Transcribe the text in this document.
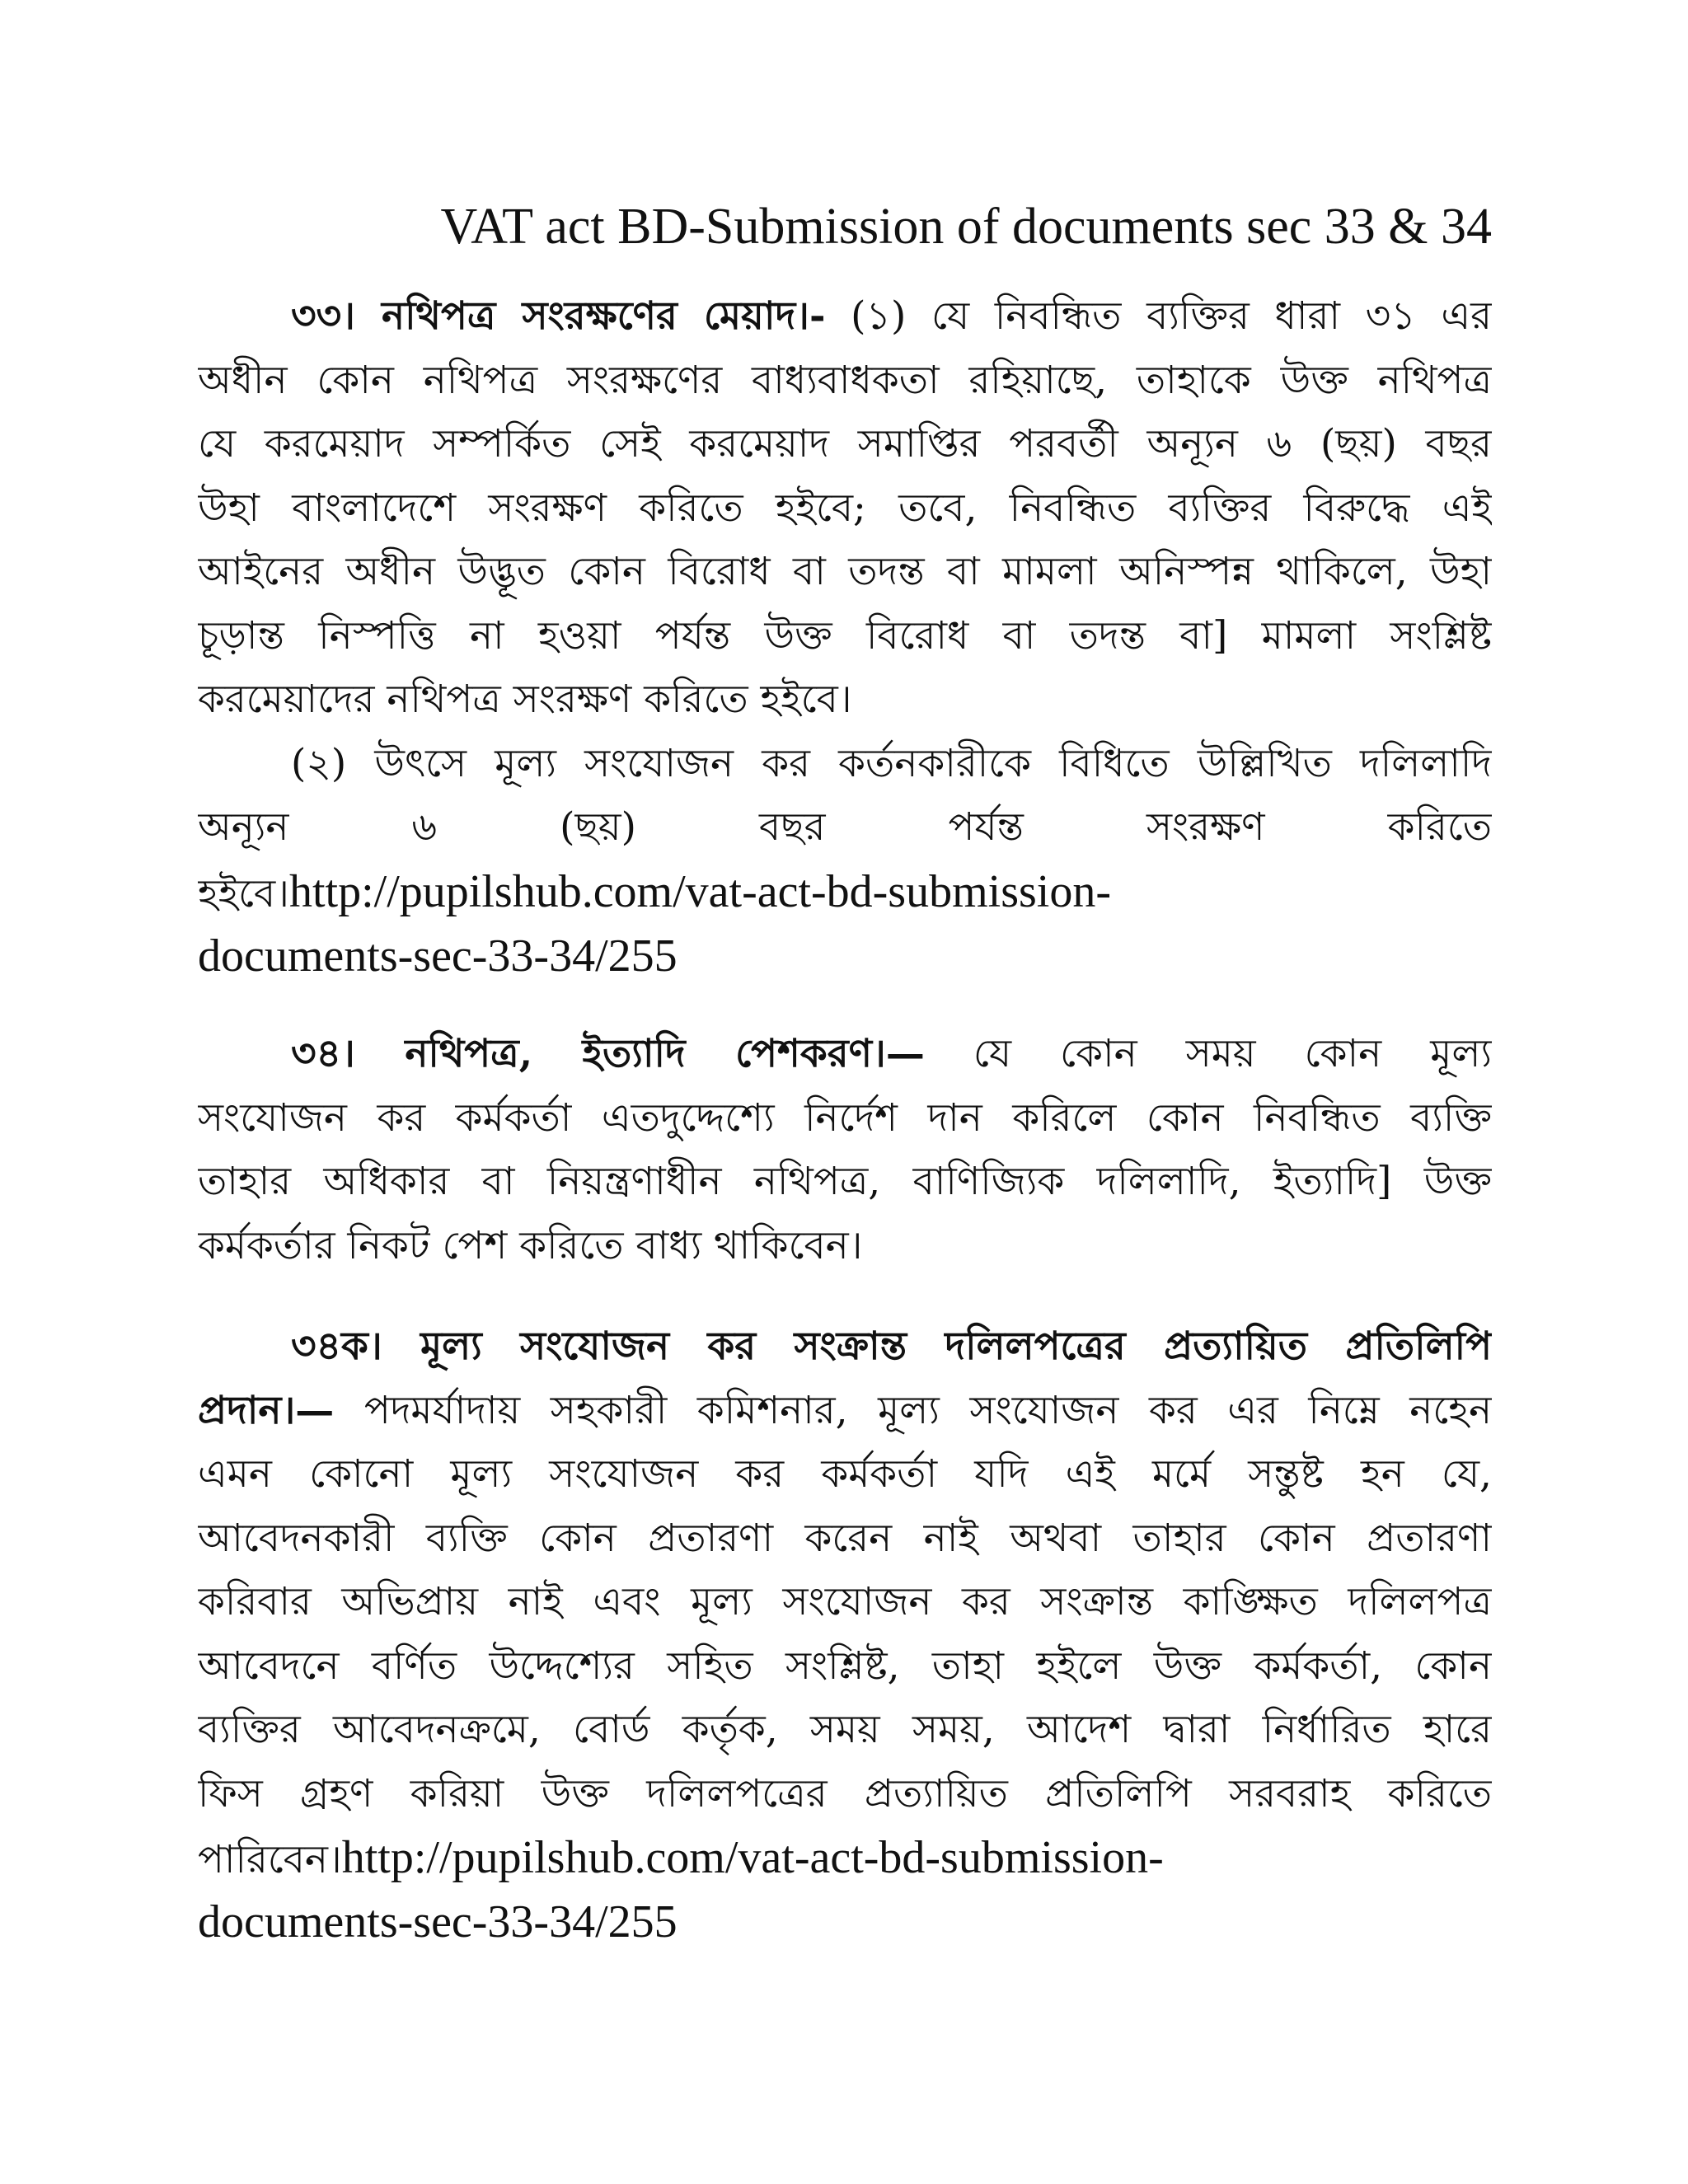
VAT act BD-Submission of documents sec 33 & 34
৩৩। নথিপত্র সংরক্ষণের মেয়াদ।- (১) যে নিবন্ধিত ব্যক্তির ধারা ৩১ এর
অধীন কোন নথিপত্র সংরক্ষণের বাধ্যবাধকতা রহিয়াছে, তাহাকে উক্ত নথিপত্র
যে করমেয়াদ সম্পর্কিত সেই করমেয়াদ সমাপ্তির পরবর্তী অন্যূন ৬ (ছয়) বছর
উহা বাংলাদেশে সংরক্ষণ করিতে হইবে; তবে, নিবন্ধিত ব্যক্তির বিরুদ্ধে এই
আইনের অধীন উদ্ভূত কোন বিরোধ বা তদন্ত বা মামলা অনিস্পন্ন থাকিলে, উহা
চূড়ান্ত নিস্পত্তি না হওয়া পর্যন্ত উক্ত বিরোধ বা তদন্ত বা] মামলা সংশ্লিষ্ট
করমেয়াদের নথিপত্র সংরক্ষণ করিতে হইবে।
(২) উৎসে মূল্য সংযোজন কর কর্তনকারীকে বিধিতে উল্লিখিত দলিলাদি
অন্যূন ৬ (ছয়) বছর পর্যন্ত সংরক্ষণ করিতে
হইবে।http://pupilshub.com/vat-act-bd-submission-
documents-sec-33-34/255
৩৪। নথিপত্র, ইত্যাদি পেশকরণ।— যে কোন সময় কোন মূল্য
সংযোজন কর কর্মকর্তা এতদুদ্দেশ্যে নির্দেশ দান করিলে কোন নিবন্ধিত ব্যক্তি
তাহার অধিকার বা নিয়ন্ত্রণাধীন নথিপত্র, বাণিজ্যিক দলিলাদি, ইত্যাদি] উক্ত
কর্মকর্তার নিকট পেশ করিতে বাধ্য থাকিবেন।
৩৪ক। মূল্য সংযোজন কর সংক্রান্ত দলিলপত্রের প্রত্যায়িত প্রতিলিপি
প্রদান।— পদমর্যাদায় সহকারী কমিশনার, মূল্য সংযোজন কর এর নিম্নে নহেন
এমন কোনো মূল্য সংযোজন কর কর্মকর্তা যদি এই মর্মে সন্তুষ্ট হন যে,
আবেদনকারী ব্যক্তি কোন প্রতারণা করেন নাই অথবা তাহার কোন প্রতারণা
করিবার অভিপ্রায় নাই এবং মূল্য সংযোজন কর সংক্রান্ত কাঙ্ক্ষিত দলিলপত্র
আবেদনে বর্ণিত উদ্দেশ্যের সহিত সংশ্লিষ্ট, তাহা হইলে উক্ত কর্মকর্তা, কোন
ব্যক্তির আবেদনক্রমে, বোর্ড কর্তৃক, সময় সময়, আদেশ দ্বারা নির্ধারিত হারে
ফিস গ্রহণ করিয়া উক্ত দলিলপত্রের প্রত্যায়িত প্রতিলিপি সরবরাহ করিতে
পারিবেন।http://pupilshub.com/vat-act-bd-submission-
documents-sec-33-34/255
